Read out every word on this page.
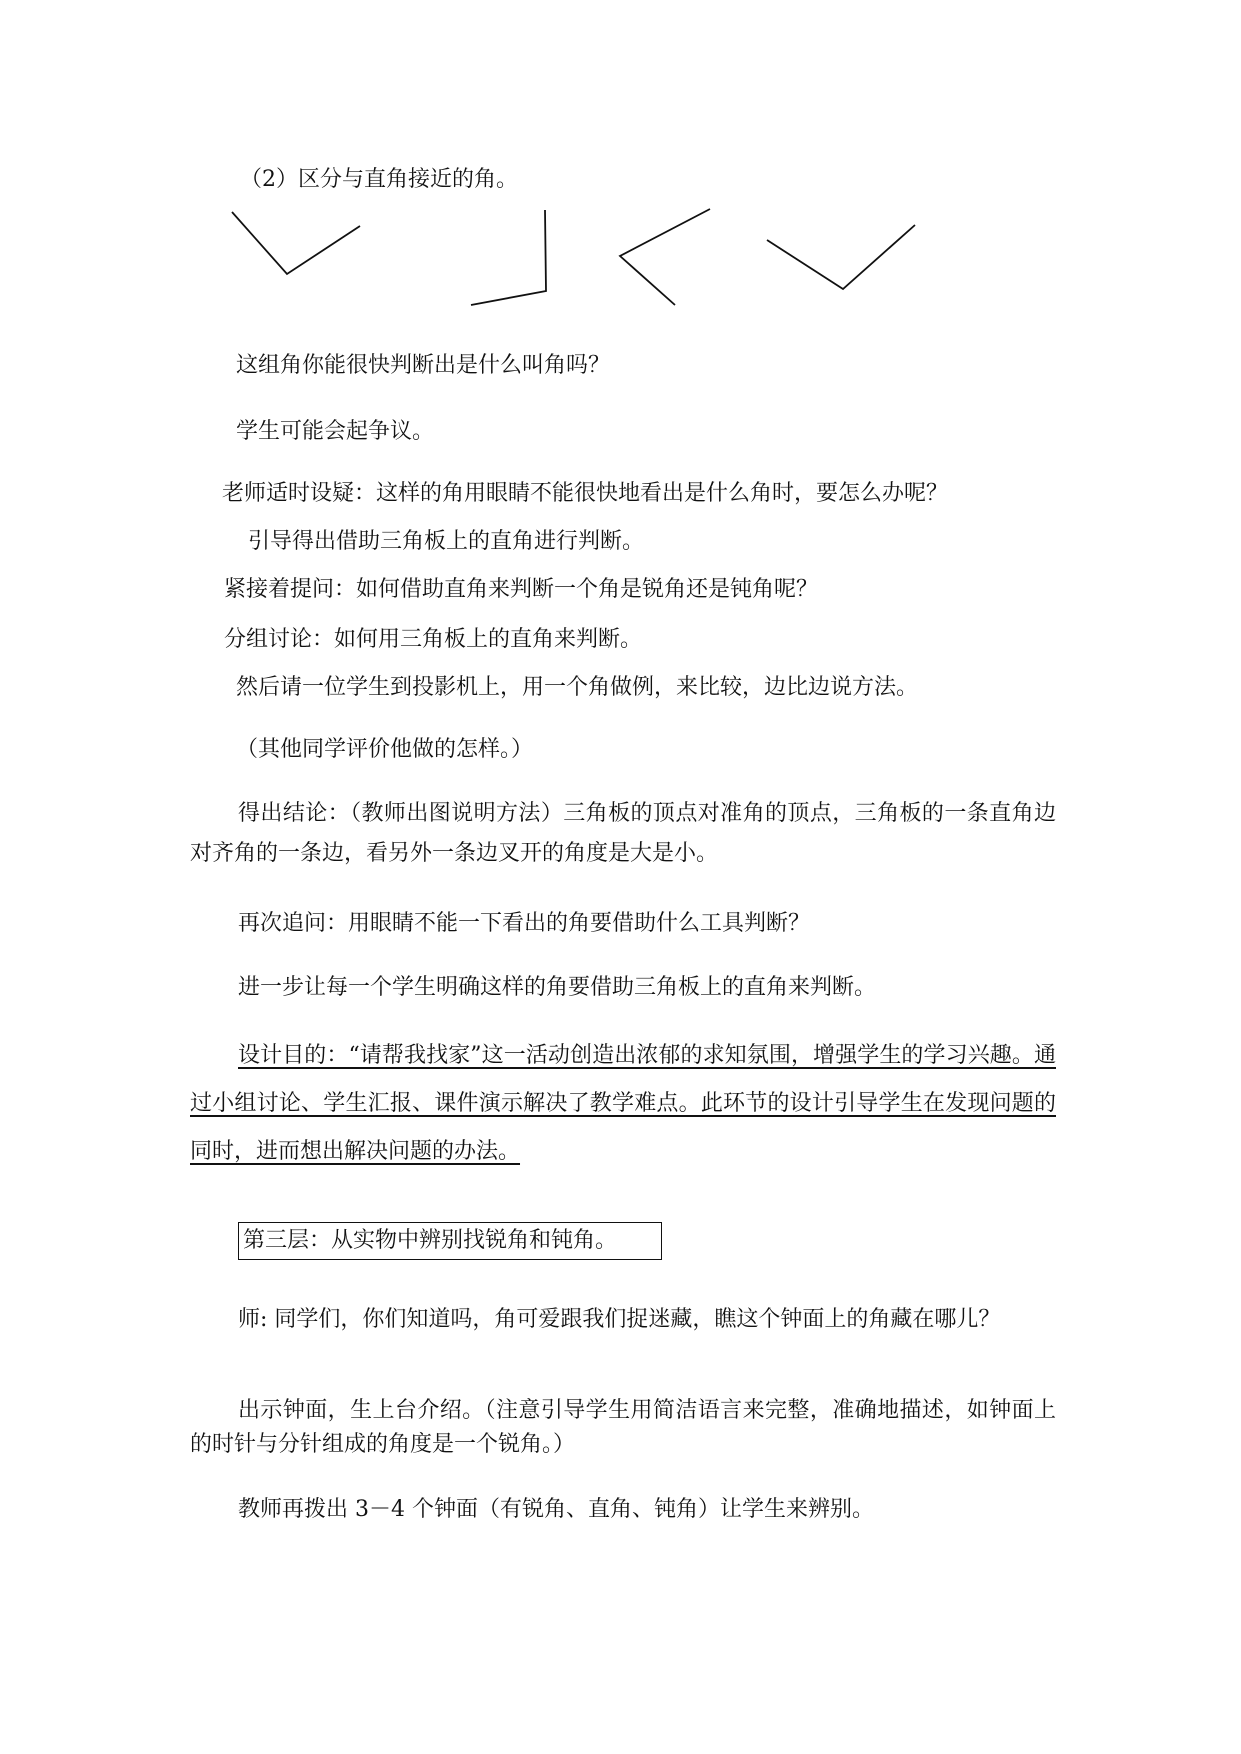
（2）区分与直角接近的角。

这组角你能很快判断出是什么叫角吗？

学生可能会起争议。

老师适时设疑：这样的角用眼睛不能很快地看出是什么角时，要怎么办呢？

引导得出借助三角板上的直角进行判断。

紧接着提问：如何借助直角来判断一个角是锐角还是钝角呢？

分组讨论：如何用三角板上的直角来判断。

然后请一位学生到投影机上，用一个角做例，来比较，边比边说方法。

（其他同学评价他做的怎样。）

得出结论：（教师出图说明方法）三角板的顶点对准角的顶点，三角板的一条直角边对齐角的一条边，看另外一条边叉开的角度是大是小。

再次追问：用眼睛不能一下看出的角要借助什么工具判断？

进一步让每一个学生明确这样的角要借助三角板上的直角来判断。

设计目的：“请帮我找家”这一活动创造出浓郁的求知氛围，增强学生的学习兴趣。通过小组讨论、学生汇报、课件演示解决了教学难点。此环节的设计引导学生在发现问题的同时，进而想出解决问题的办法。

第三层：从实物中辨别找锐角和钝角。

师: 同学们，你们知道吗，角可爱跟我们捉迷藏，瞧这个钟面上的角藏在哪儿？

出示钟面，生上台介绍。（注意引导学生用简洁语言来完整，准确地描述，如钟面上的时针与分针组成的角度是一个锐角。）

教师再拨出 3－4 个钟面（有锐角、直角、钝角）让学生来辨别。
